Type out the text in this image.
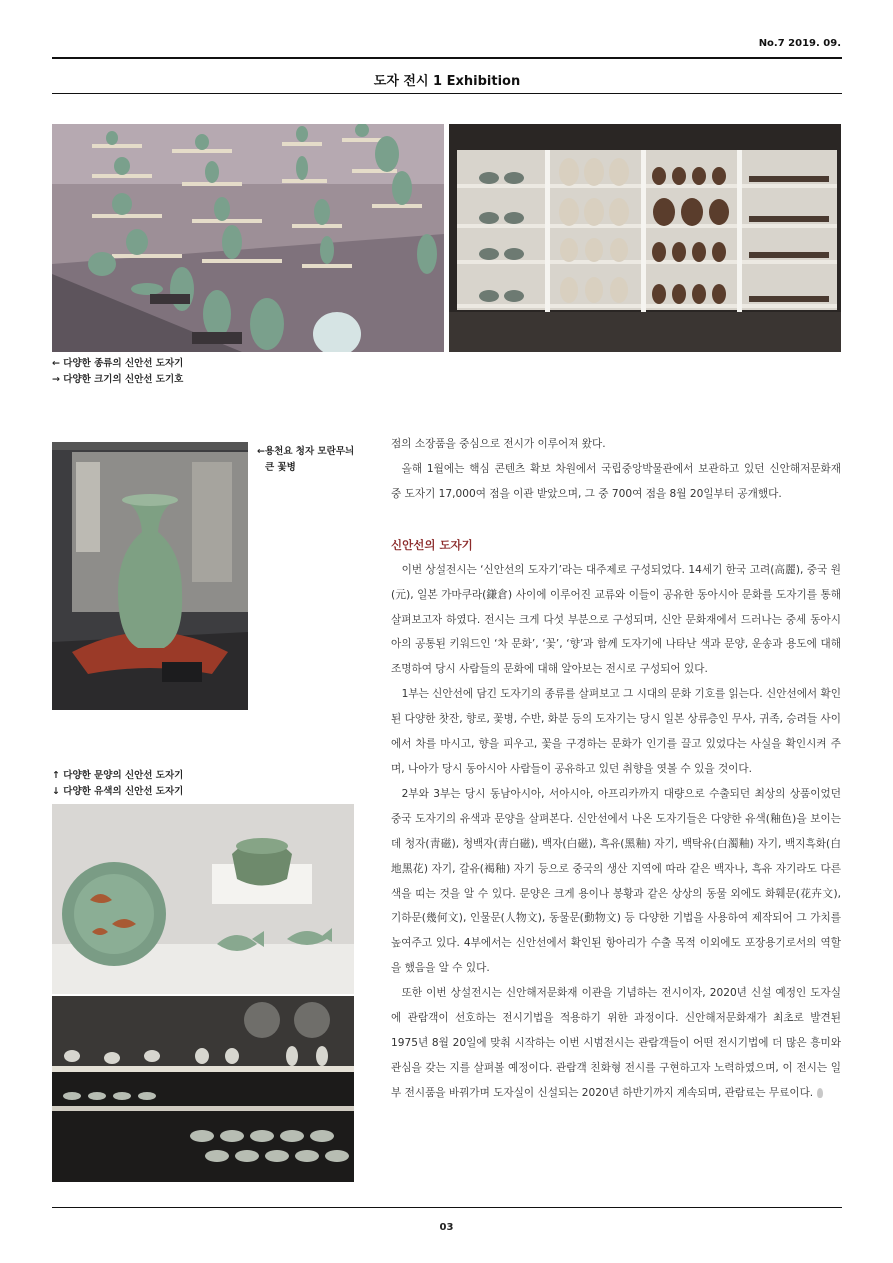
No.7 2019. 09.
도자 전시 1 Exhibition
← 다양한 종류의 신안선 도자기
→ 다양한 크기의 신안선 도기호
←용천요 청자 모란무늬
큰 꽃병
↑ 다양한 문양의 신안선 도자기
↓ 다양한 유색의 신안선 도자기

점의 소장품을 중심으로 전시가 이루어져 왔다.

올해 1월에는 핵심 콘텐츠 확보 차원에서 국립중앙박물관에서 보관하고 있던 신안해저문화재 중 도자기 17,000여 점을 이관 받았으며, 그 중 700여 점을 8월 20일부터 공개했다.

신안선의 도자기

이번 상설전시는 ‘신안선의 도자기’라는 대주제로 구성되었다. 14세기 한국 고려(高麗), 중국 원(元), 일본 가마쿠라(鎌倉) 사이에 이루어진 교류와 이들이 공유한 동아시아 문화를 도자기를 통해 살펴보고자 하였다. 전시는 크게 다섯 부분으로 구성되며, 신안 문화재에서 드러나는 중세 동아시아의 공통된 키워드인 ‘차 문화’, ‘꽃’, ‘향’과 함께 도자기에 나타난 색과 문양, 운송과 용도에 대해 조명하여 당시 사람들의 문화에 대해 알아보는 전시로 구성되어 있다.

1부는 신안선에 담긴 도자기의 종류를 살펴보고 그 시대의 문화 기호를 읽는다. 신안선에서 확인된 다양한 찻잔, 향로, 꽃병, 수반, 화분 등의 도자기는 당시 일본 상류층인 무사, 귀족, 승려들 사이에서 차를 마시고, 향을 피우고, 꽃을 구경하는 문화가 인기를 끌고 있었다는 사실을 확인시켜 주며, 나아가 당시 동아시아 사람들이 공유하고 있던 취향을 엿볼 수 있을 것이다.

2부와 3부는 당시 동남아시아, 서아시아, 아프리카까지 대량으로 수출되던 최상의 상품이었던 중국 도자기의 유색과 문양을 살펴본다. 신안선에서 나온 도자기들은 다양한 유색(釉色)을 보이는데 청자(靑磁), 청백자(靑白磁), 백자(白磁), 흑유(黑釉) 자기, 백탁유(白濁釉) 자기, 백지흑화(白地黑花) 자기, 갈유(褐釉) 자기 등으로 중국의 생산 지역에 따라 같은 백자나, 흑유 자기라도 다른 색을 띠는 것을 알 수 있다. 문양은 크게 용이나 봉황과 같은 상상의 동물 외에도 화훼문(花卉文), 기하문(幾何文), 인물문(人物文), 동물문(動物文) 등 다양한 기법을 사용하여 제작되어 그 가치를 높여주고 있다. 4부에서는 신안선에서 확인된 항아리가 수출 목적 이외에도 포장용기로서의 역할을 했음을 알 수 있다.

또한 이번 상설전시는 신안해저문화재 이관을 기념하는 전시이자, 2020년 신설 예정인 도자실에 관람객이 선호하는 전시기법을 적용하기 위한 과정이다. 신안해저문화재가 최초로 발견된 1975년 8월 20일에 맞춰 시작하는 이번 시범전시는 관람객들이 어떤 전시기법에 더 많은 흥미와 관심을 갖는 지를 살펴볼 예정이다. 관람객 친화형 전시를 구현하고자 노력하였으며, 이 전시는 일부 전시품을 바꿔가며 도자실이 신설되는 2020년 하반기까지 계속되며, 관람료는 무료이다.

03
